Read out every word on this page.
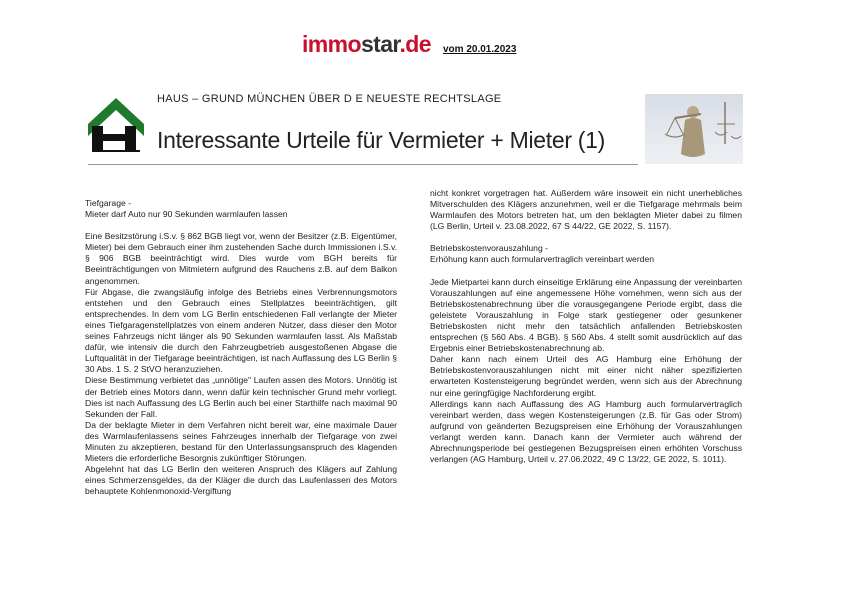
immostar.de vom 20.01.2023
HAUS – GRUND MÜNCHEN ÜBER D E NEUESTE RECHTSLAGE
Interessante Urteile für Vermieter + Mieter (1)

Tiefgarage -

Mieter darf Auto nur 90 Sekunden warmlaufen lassen

Eine Besitzstörung i.S.v. § 862 BGB liegt vor, wenn der Besitzer (z.B. Eigentümer, Mieter) bei dem Gebrauch einer ihm zustehenden Sache durch Immissionen i.S.v. § 906 BGB beeinträchtigt wird. Dies wurde vom BGH bereits für Beeinträchtigungen von Mitmietern aufgrund des Rauchens z.B. auf dem Balkon angenommen.

Für Abgase, die zwangsläufig infolge des Betriebs eines Verbrennungsmotors entstehen und den Gebrauch eines Stellplatzes beeinträchtigen, gilt entsprechendes. In dem vom LG Berlin entschiedenen Fall verlangte der Mieter eines Tiefgaragenstellplatzes von einem anderen Nutzer, dass dieser den Motor seines Fahrzeugs nicht länger als 90 Sekunden warmlaufen lasst. Als Maßstab dafür, wie intensiv die durch den Fahrzeugbetrieb ausgestoßenen Abgase die Luftqualität in der Tiefgarage beeinträchtigen, ist nach Auffassung des LG Berlin § 30 Abs. 1 S. 2 StVO heranzuziehen.

Diese Bestimmung verbietet das „unnötige" Laufen assen des Motors. Unnötig ist der Betrieb eines Motors dann, wenn dafür kein technischer Grund mehr vorliegt. Dies ist nach Auffassung des LG Berlin auch bei einer Starthilfe nach maximal 90 Sekunden der Fall.

Da der beklagte Mieter in dem Verfahren nicht bereit war, eine maximale Dauer des Warmlaufenlassens seines Fahrzeuges innerhalb der Tiefgarage von zwei Minuten zu akzeptieren, bestand für den Unterlassungsanspruch des klagenden Mieters die erforderliche Besorgnis zukünftiger Störungen.

Abgelehnt hat das LG Berlin den weiteren Anspruch des Klägers auf Zahlung eines Schmerzensgeldes, da der Kläger die durch das Laufenlassen des Motors behauptete Kohlenmonoxid-Vergiftung

nicht konkret vorgetragen hat. Außerdem wäre insoweit ein nicht unerhebliches Mitverschulden des Klägers anzunehmen, weil er die Tiefgarage mehrmals beim Warmlaufen des Motors betreten hat, um den beklagten Mieter dabei zu filmen (LG Berlin, Urteil v. 23.08.2022, 67 S 44/22, GE 2022, S. 1157).

Betriebskostenvorauszahlung -

Erhöhung kann auch formularvertraglich vereinbart werden

Jede Mietpartei kann durch einseitige Erklärung eine Anpassung der vereinbarten Vorauszahlungen auf eine angemessene Höhe vornehmen, wenn sich aus der Betriebskostenabrechnung über die vorausgegangene Periode ergibt, dass die geleistete Vorauszahlung in Folge stark gestiegener oder gesunkener Betriebskosten nicht mehr den tatsächlich anfallenden Betriebskosten entsprechen (§ 560 Abs. 4 BGB). § 560 Abs. 4 stellt somit ausdrücklich auf das Ergebnis einer Betriebskostenabrechnung ab.

Daher kann nach einem Urteil des AG Hamburg eine Erhöhung der Betriebskostenvorauszahlungen nicht mit einer nicht näher spezifizierten erwarteten Kostensteigerung begründet werden, wenn sich aus der Abrechnung nur eine geringfügige Nachforderung ergibt.

Allerdings kann nach Auffassung des AG Hamburg auch formularvertraglich vereinbart werden, dass wegen Kostensteigerungen (z.B. für Gas oder Strom) aufgrund von geänderten Bezugspreisen eine Erhöhung der Vorauszahlungen verlangt werden kann. Danach kann der Vermieter auch während der Abrechnungsperiode bei gestiegenen Bezugspreisen einen erhöhten Vorschuss verlangen (AG Hamburg, Urteil v. 27.06.2022, 49 C 13/22, GE 2022, S. 1011).
